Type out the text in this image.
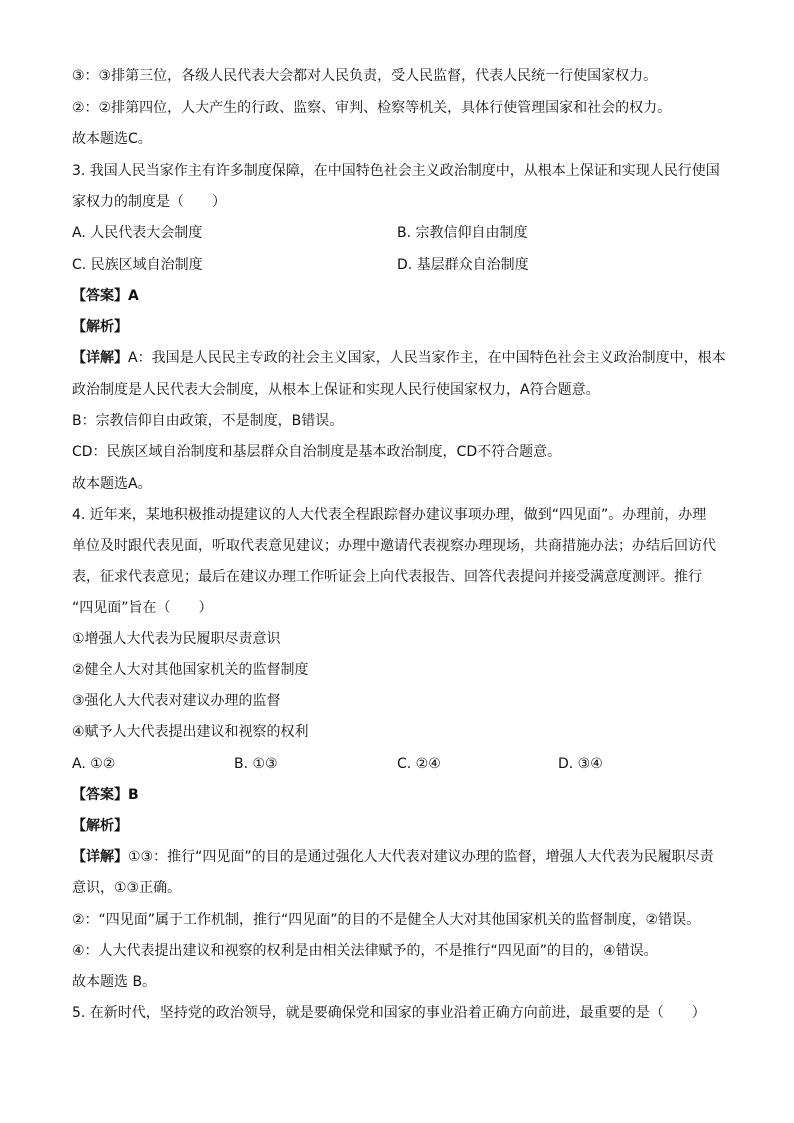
③：③排第三位，各级人民代表大会都对人民负责，受人民监督，代表人民统一行使国家权力。
②：②排第四位，人大产生的行政、监察、审判、检察等机关，具体行使管理国家和社会的权力。
故本题选C。
3. 我国人民当家作主有许多制度保障，在中国特色社会主义政治制度中，从根本上保证和实现人民行使国
家权力的制度是（　　）
A. 人民代表大会制度	B. 宗教信仰自由制度
C. 民族区域自治制度	D. 基层群众自治制度
【答案】A
【解析】
【详解】A：我国是人民民主专政的社会主义国家，人民当家作主，在中国特色社会主义政治制度中，根本
政治制度是人民代表大会制度，从根本上保证和实现人民行使国家权力，A符合题意。
B：宗教信仰自由政策，不是制度，B错误。
CD：民族区域自治制度和基层群众自治制度是基本政治制度，CD不符合题意。
故本题选A。
4. 近年来，某地积极推动提建议的人大代表全程跟踪督办建议事项办理，做到“四见面”。办理前，办理
单位及时跟代表见面，听取代表意见建议；办理中邀请代表视察办理现场，共商措施办法；办结后回访代
表，征求代表意见；最后在建议办理工作听证会上向代表报告、回答代表提问并接受满意度测评。推行
“四见面”旨在（　　）
①增强人大代表为民履职尽责意识
②健全人大对其他国家机关的监督制度
③强化人大代表对建议办理的监督
④赋予人大代表提出建议和视察的权利
A. ①②	B. ①③	C. ②④	D. ③④
【答案】B
【解析】
【详解】①③：推行“四见面”的目的是通过强化人大代表对建议办理的监督，增强人大代表为民履职尽责
意识，①③正确。
②：“四见面”属于工作机制，推行“四见面”的目的不是健全人大对其他国家机关的监督制度，②错误。
④：人大代表提出建议和视察的权利是由相关法律赋予的，不是推行“四见面”的目的，④错误。
故本题选 B。
5. 在新时代，坚持党的政治领导，就是要确保党和国家的事业沿着正确方向前进，最重要的是（　　）
